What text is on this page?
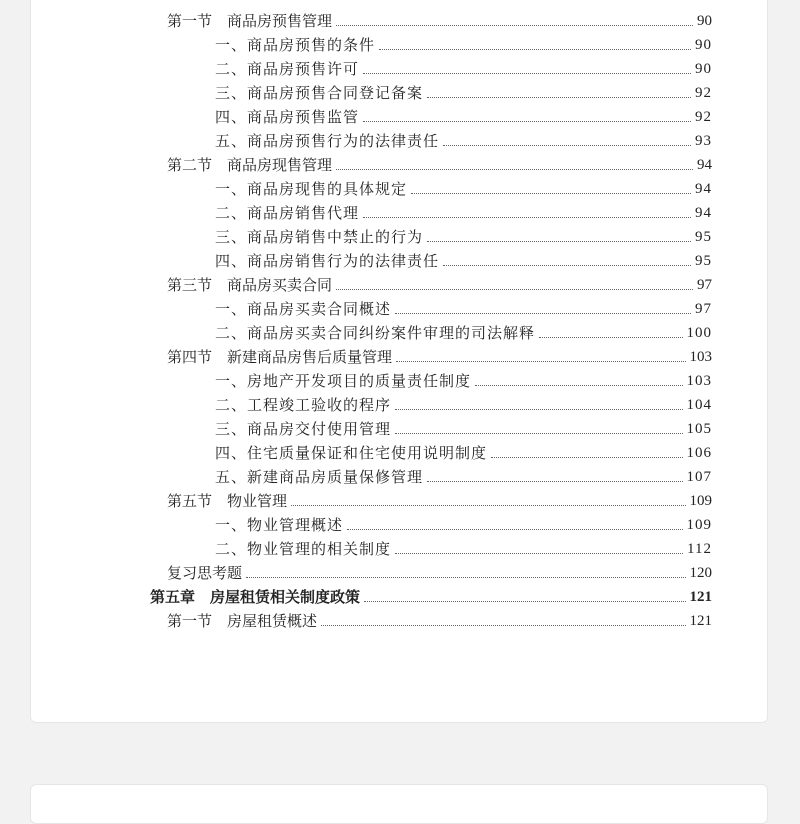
第一节　商品房预售管理	90
一、商品房预售的条件	90
二、商品房预售许可	90
三、商品房预售合同登记备案	92
四、商品房预售监管	92
五、商品房预售行为的法律责任	93
第二节　商品房现售管理	94
一、商品房现售的具体规定	94
二、商品房销售代理	94
三、商品房销售中禁止的行为	95
四、商品房销售行为的法律责任	95
第三节　商品房买卖合同	97
一、商品房买卖合同概述	97
二、商品房买卖合同纠纷案件审理的司法解释	100
第四节　新建商品房售后质量管理	103
一、房地产开发项目的质量责任制度	103
二、工程竣工验收的程序	104
三、商品房交付使用管理	105
四、住宅质量保证和住宅使用说明制度	106
五、新建商品房质量保修管理	107
第五节　物业管理	109
一、物业管理概述	109
二、物业管理的相关制度	112
复习思考题	120
第五章　房屋租赁相关制度政策	121
第一节　房屋租赁概述	121
